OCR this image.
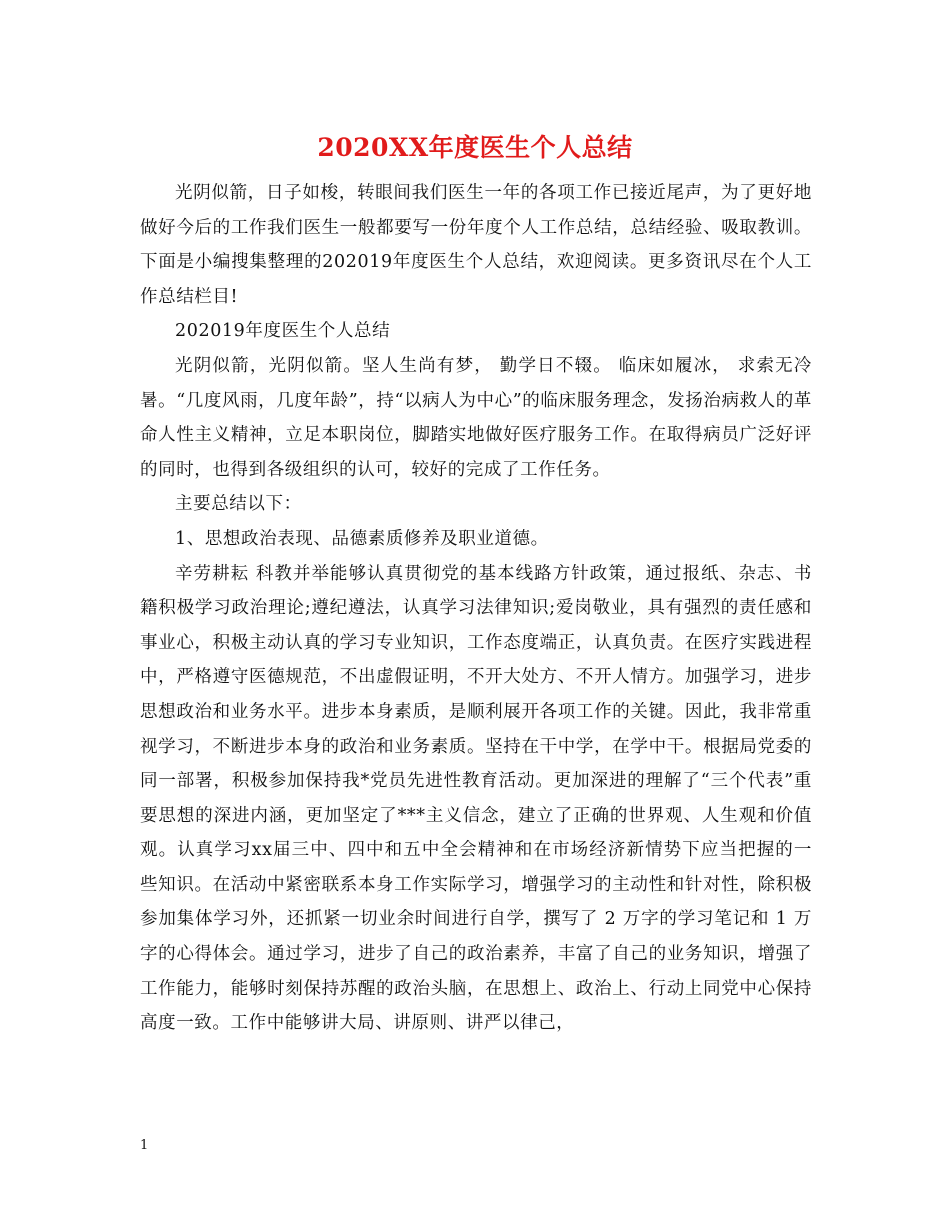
2020XX年度医生个人总结

光阴似箭，日子如梭，转眼间我们医生一年的各项工作已接近尾声，为了更好地做好今后的工作我们医生一般都要写一份年度个人工作总结，总结经验、吸取教训。下面是小编搜集整理的202019年度医生个人总结，欢迎阅读。更多资讯尽在个人工作总结栏目!

202019年度医生个人总结

光阴似箭，光阴似箭。坚人生尚有梦， 勤学日不辍。 临床如履冰， 求索无冷暑。“几度风雨，几度年龄”，持“以病人为中心”的临床服务理念，发扬治病救人的革命人性主义精神，立足本职岗位，脚踏实地做好医疗服务工作。在取得病员广泛好评的同时，也得到各级组织的认可，较好的完成了工作任务。

主要总结以下：

1、思想政治表现、品德素质修养及职业道德。

辛劳耕耘 科教并举能够认真贯彻党的基本线路方针政策，通过报纸、杂志、书籍积极学习政治理论;遵纪遵法，认真学习法律知识;爱岗敬业，具有强烈的责任感和事业心，积极主动认真的学习专业知识，工作态度端正，认真负责。在医疗实践进程中，严格遵守医德规范，不出虚假证明，不开大处方、不开人情方。加强学习，进步思想政治和业务水平。进步本身素质，是顺利展开各项工作的关键。因此，我非常重视学习，不断进步本身的政治和业务素质。坚持在干中学，在学中干。根据局党委的同一部署，积极参加保持我*党员先进性教育活动。更加深进的理解了“三个代表”重要思想的深进内涵，更加坚定了***主义信念，建立了正确的世界观、人生观和价值观。认真学习xx届三中、四中和五中全会精神和在市场经济新情势下应当把握的一些知识。在活动中紧密联系本身工作实际学习，增强学习的主动性和针对性，除积极参加集体学习外，还抓紧一切业余时间进行自学，撰写了 2 万字的学习笔记和 1 万字的心得体会。通过学习，进步了自己的政治素养，丰富了自己的业务知识，增强了工作能力，能够时刻保持苏醒的政治头脑，在思想上、政治上、行动上同党中心保持高度一致。工作中能够讲大局、讲原则、讲严以律己，

1
